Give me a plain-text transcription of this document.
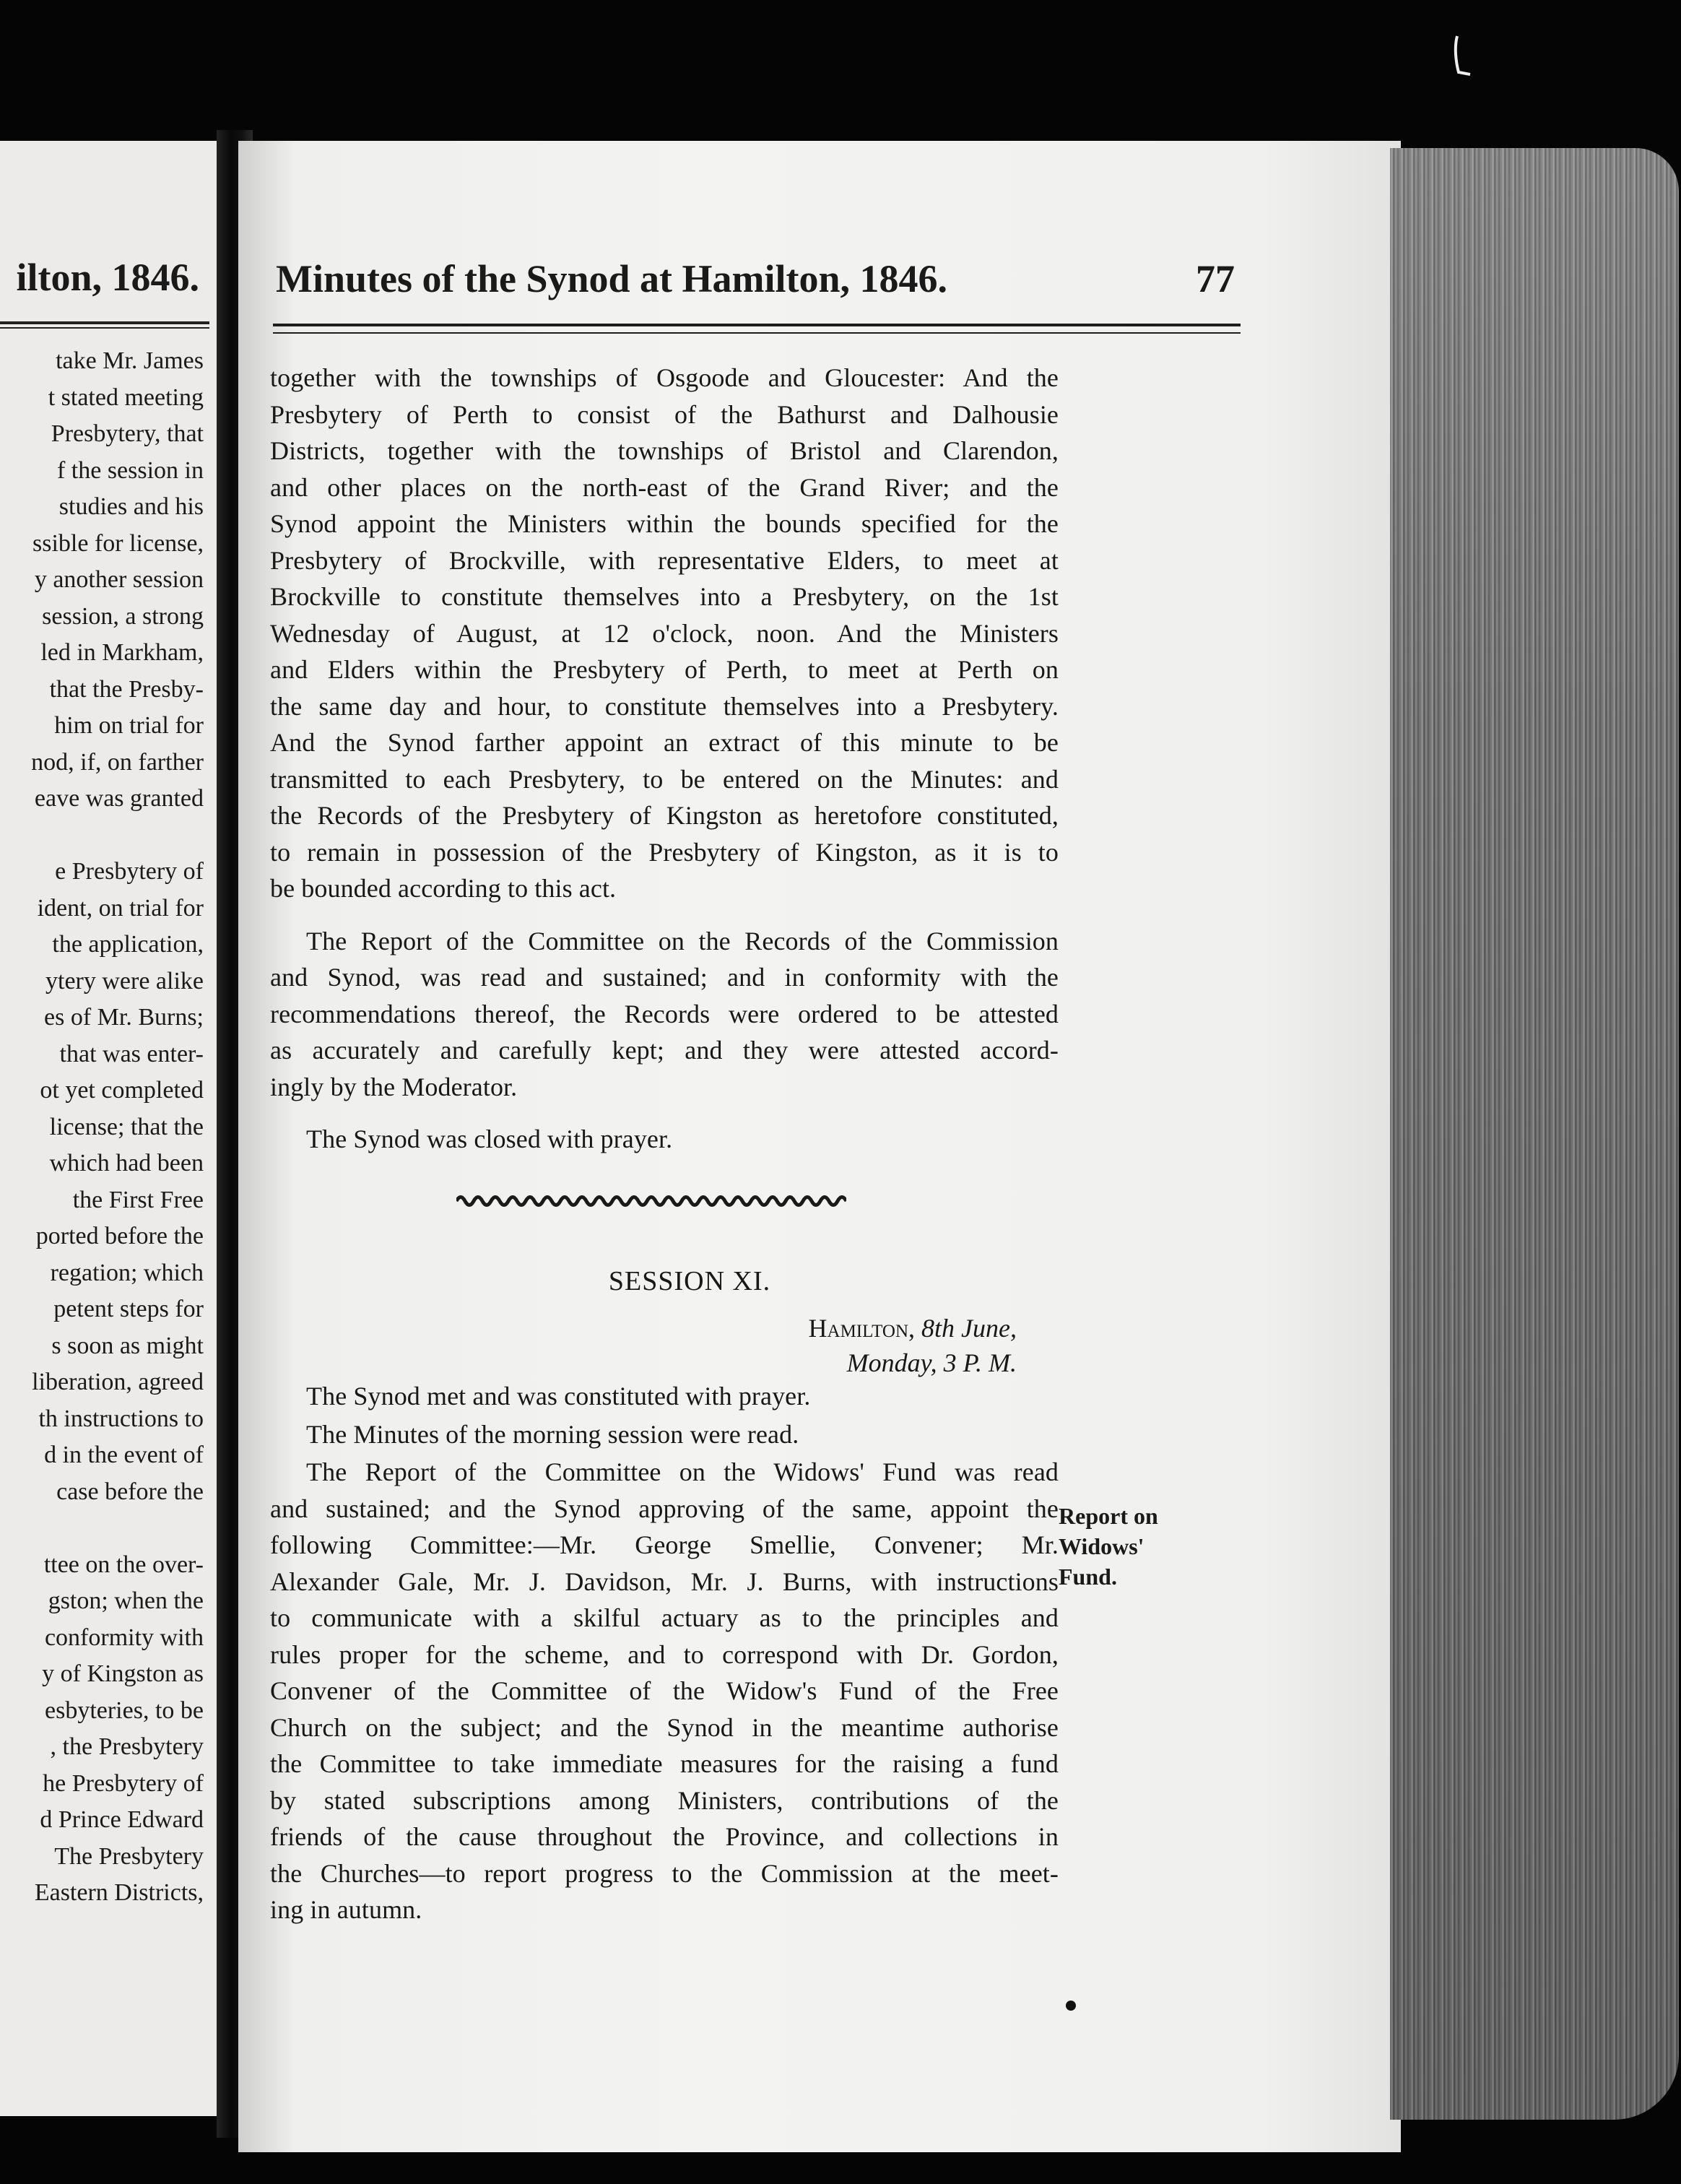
ilton, 1846.
take Mr. James
t stated meeting
Presbytery, that
f the session in
studies and his
ssible for license,
y another session
session, a strong
led in Markham,
that the Presby-
him on trial for
nod, if, on farther
eave was granted

e Presbytery of
ident, on trial for
the application,
ytery were alike
es of Mr. Burns;
that was enter-
ot yet completed
license; that the
which had been
the First Free
ported before the
regation; which
petent steps for
s soon as might
liberation, agreed
th instructions to
d in the event of
case before the

ttee on the over-
gston; when the
conformity with
y of Kingston as
esbyteries, to be
, the Presbytery
he Presbytery of
d Prince Edward
The Presbytery
Eastern Districts,
Minutes of the Synod at Hamilton, 1846.	77
together with the townships of Osgoode and Gloucester: And the
Presbytery of Perth to consist of the Bathurst and Dalhousie
Districts, together with the townships of Bristol and Clarendon,
and other places on the north-east of the Grand River; and the
Synod appoint the Ministers within the bounds specified for the
Presbytery of Brockville, with representative Elders, to meet at
Brockville to constitute themselves into a Presbytery, on the 1st
Wednesday of August, at 12 o'clock, noon. And the Ministers
and Elders within the Presbytery of Perth, to meet at Perth on
the same day and hour, to constitute themselves into a Presbytery.
And the Synod farther appoint an extract of this minute to be
transmitted to each Presbytery, to be entered on the Minutes: and
the Records of the Presbytery of Kingston as heretofore constituted,
to remain in possession of the Presbytery of Kingston, as it is to
be bounded according to this act.
The Report of the Committee on the Records of the Commission
and Synod, was read and sustained; and in conformity with the
recommendations thereof, the Records were ordered to be attested
as accurately and carefully kept; and they were attested accord-
ingly by the Moderator.
The Synod was closed with prayer.
SESSION XI.
Hamilton, 8th June,
Monday, 3 P. M.
The Synod met and was constituted with prayer.
The Minutes of the morning session were read.
The Report of the Committee on the Widows' Fund was read
and sustained; and the Synod approving of the same, appoint the
following Committee:—Mr. George Smellie, Convener; Mr.
Alexander Gale, Mr. J. Davidson, Mr. J. Burns, with instructions
to communicate with a skilful actuary as to the principles and
rules proper for the scheme, and to correspond with Dr. Gordon,
Convener of the Committee of the Widow's Fund of the Free
Church on the subject; and the Synod in the meantime authorise
the Committee to take immediate measures for the raising a fund
by stated subscriptions among Ministers, contributions of the
friends of the cause throughout the Province, and collections in
the Churches—to report progress to the Commission at the meet-
ing in autumn.
Report on
Widows'
Fund.
